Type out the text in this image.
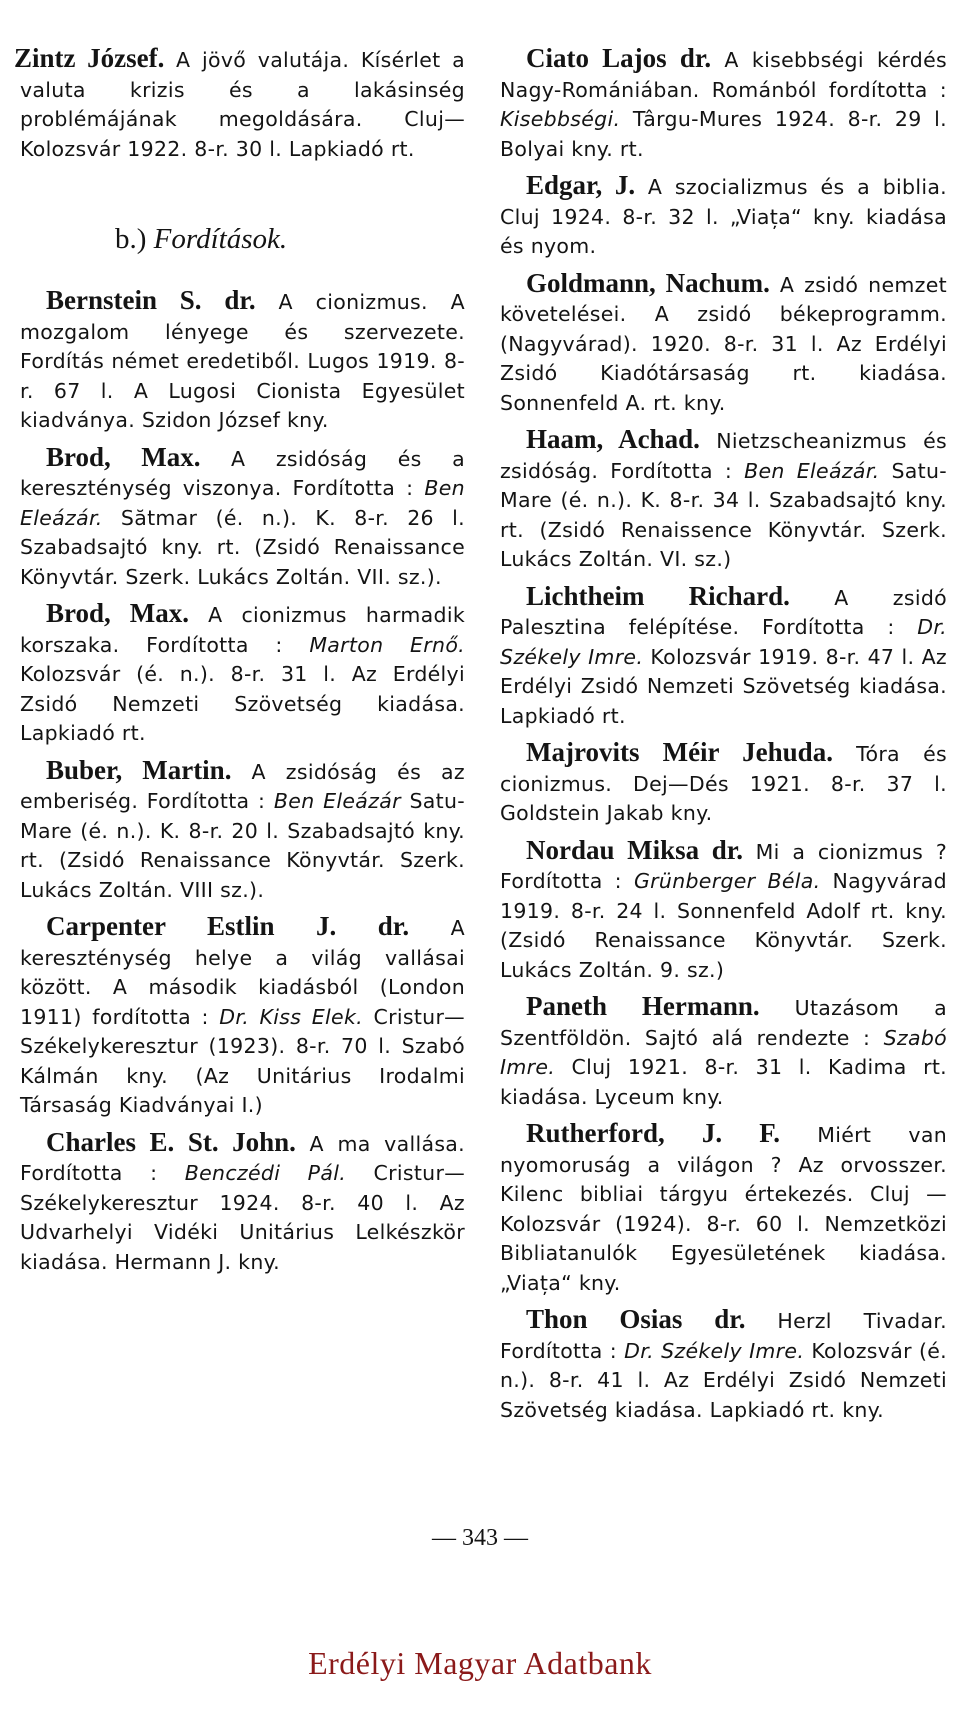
Zintz József. A jövő valutája. Kísérlet a valuta krizis és a lakásinség problémájának megoldására. Cluj—Kolozsvár 1922. 8-r. 30 l. Lapkiadó rt.

b.) Fordítások.

Bernstein S. dr. A cionizmus. A mozgalom lényege és szervezete. Fordítás német eredetiből. Lugos 1919. 8-r. 67 l. A Lugosi Cionista Egyesület kiadványa. Szidon József kny.

Brod, Max. A zsidóság és a kereszténység viszonya. Fordította : Ben Eleázár. Sătmar (é. n.). K. 8-r. 26 l. Szabadsajtó kny. rt. (Zsidó Renaissance Könyvtár. Szerk. Lukács Zoltán. VII. sz.).

Brod, Max. A cionizmus harmadik korszaka. Fordította : Marton Ernő. Kolozsvár (é. n.). 8-r. 31 l. Az Erdélyi Zsidó Nemzeti Szövetség kiadása. Lapkiadó rt.

Buber, Martin. A zsidóság és az emberiség. Fordította : Ben Eleázár Satu-Mare (é. n.). K. 8-r. 20 l. Szabadsajtó kny. rt. (Zsidó Renaissance Könyvtár. Szerk. Lukács Zoltán. VIII sz.).

Carpenter Estlin J. dr. A kereszténység helye a világ vallásai között. A második kiadásból (London 1911) fordította : Dr. Kiss Elek. Cristur—Székelykeresztur (1923). 8-r. 70 l. Szabó Kálmán kny. (Az Unitárius Irodalmi Társaság Kiadványai I.)

Charles E. St. John. A ma vallása. Fordította : Benczédi Pál. Cristur—Székelykeresztur 1924. 8-r. 40 l. Az Udvarhelyi Vidéki Unitárius Lelkészkör kiadása. Hermann J. kny.

Ciato Lajos dr. A kisebbségi kérdés Nagy-Romániában. Románból fordította : Kisebbségi. Târgu-Mures 1924. 8-r. 29 l. Bolyai kny. rt.

Edgar, J. A szocializmus és a biblia. Cluj 1924. 8-r. 32 l. „Viața“ kny. kiadása és nyom.

Goldmann, Nachum. A zsidó nemzet követelései. A zsidó békeprogramm. (Nagyvárad). 1920. 8-r. 31 l. Az Erdélyi Zsidó Kiadótársaság rt. kiadása. Sonnenfeld A. rt. kny.

Haam, Achad. Nietzscheanizmus és zsidóság. Fordította : Ben Eleázár. Satu-Mare (é. n.). K. 8-r. 34 l. Szabadsajtó kny. rt. (Zsidó Renaissence Könyvtár. Szerk. Lukács Zoltán. VI. sz.)

Lichtheim Richard. A zsidó Palesztina felépítése. Fordította : Dr. Székely Imre. Kolozsvár 1919. 8-r. 47 l. Az Erdélyi Zsidó Nemzeti Szövetség kiadása. Lapkiadó rt.

Majrovits Méir Jehuda. Tóra és cionizmus. Dej—Dés 1921. 8-r. 37 l. Goldstein Jakab kny.

Nordau Miksa dr. Mi a cionizmus ? Fordította : Grünberger Béla. Nagyvárad 1919. 8-r. 24 l. Sonnenfeld Adolf rt. kny. (Zsidó Renaissance Könyvtár. Szerk. Lukács Zoltán. 9. sz.)

Paneth Hermann. Utazásom a Szentföldön. Sajtó alá rendezte : Szabó Imre. Cluj 1921. 8-r. 31 l. Kadima rt. kiadása. Lyceum kny.

Rutherford, J. F. Miért van nyomoruság a világon ? Az orvosszer. Kilenc bibliai tárgyu értekezés. Cluj — Kolozsvár (1924). 8-r. 60 l. Nemzetközi Bibliatanulók Egyesületének kiadása. „Viața“ kny.

Thon Osias dr. Herzl Tivadar. Fordította : Dr. Székely Imre. Kolozsvár (é. n.). 8-r. 41 l. Az Erdélyi Zsidó Nemzeti Szövetség kiadása. Lapkiadó rt. kny.

— 343 —
Erdélyi Magyar Adatbank
